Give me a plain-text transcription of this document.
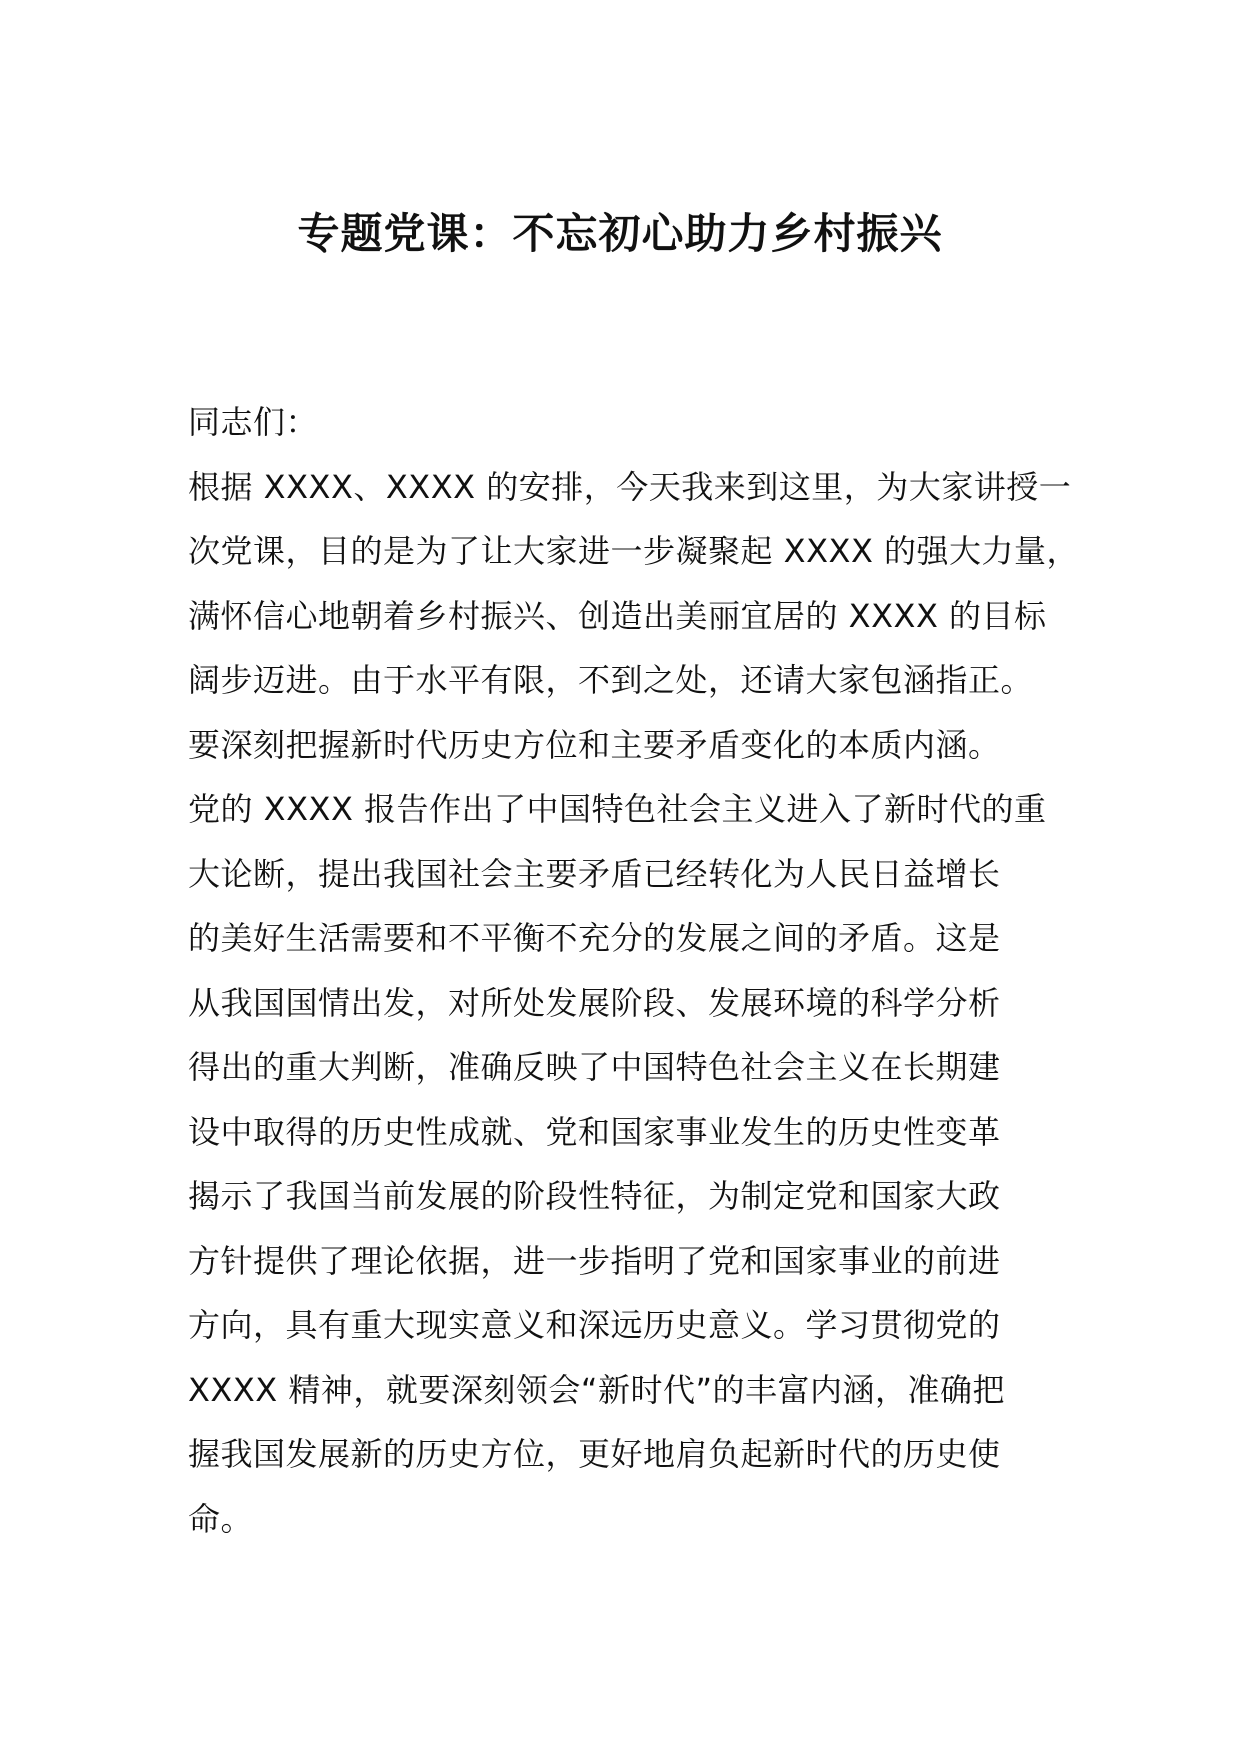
专题党课：不忘初心助力乡村振兴
同志们：
根据 XXXX、XXXX 的安排，今天我来到这里，为大家讲授一
次党课，目的是为了让大家进一步凝聚起 XXXX 的强大力量，
满怀信心地朝着乡村振兴、创造出美丽宜居的 XXXX 的目标
阔步迈进。由于水平有限，不到之处，还请大家包涵指正。
要深刻把握新时代历史方位和主要矛盾变化的本质内涵。
党的 XXXX 报告作出了中国特色社会主义进入了新时代的重
大论断，提出我国社会主要矛盾已经转化为人民日益增长
的美好生活需要和不平衡不充分的发展之间的矛盾。这是
从我国国情出发，对所处发展阶段、发展环境的科学分析
得出的重大判断，准确反映了中国特色社会主义在长期建
设中取得的历史性成就、党和国家事业发生的历史性变革
揭示了我国当前发展的阶段性特征，为制定党和国家大政
方针提供了理论依据，进一步指明了党和国家事业的前进
方向，具有重大现实意义和深远历史意义。学习贯彻党的
XXXX 精神，就要深刻领会“新时代”的丰富内涵，准确把
握我国发展新的历史方位，更好地肩负起新时代的历史使
命。
